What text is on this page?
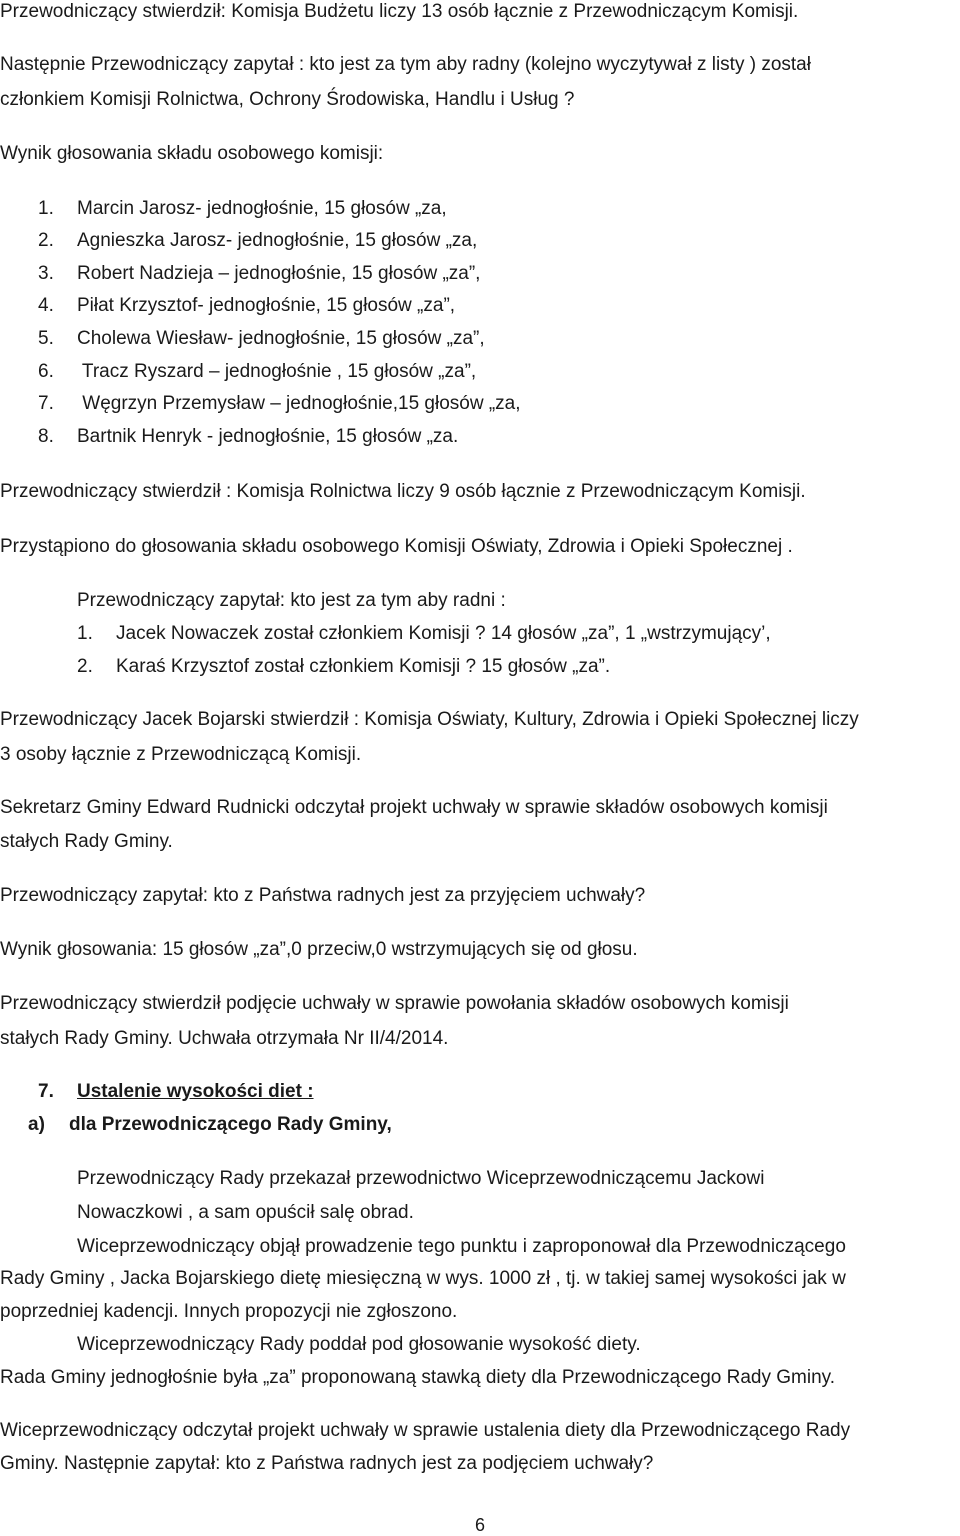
Przewodniczący stwierdził: Komisja Budżetu liczy 13 osób łącznie z Przewodniczącym Komisji.
Następnie Przewodniczący zapytał : kto jest za tym aby radny (kolejno wyczytywał z listy ) został
członkiem Komisji Rolnictwa, Ochrony Środowiska, Handlu i Usług ?
Wynik głosowania składu osobowego komisji:
1. Marcin Jarosz- jednogłośnie, 15 głosów „za,
2. Agnieszka Jarosz- jednogłośnie, 15 głosów „za,
3. Robert Nadzieja – jednogłośnie, 15 głosów „za”,
4. Piłat Krzysztof- jednogłośnie, 15 głosów „za”,
5. Cholewa Wiesław- jednogłośnie, 15 głosów „za”,
6. Tracz Ryszard – jednogłośnie , 15 głosów „za”,
7. Węgrzyn Przemysław – jednogłośnie,15 głosów „za,
8. Bartnik Henryk - jednogłośnie, 15 głosów „za.
Przewodniczący stwierdził : Komisja Rolnictwa liczy 9 osób łącznie z Przewodniczącym Komisji.
Przystąpiono do głosowania składu osobowego Komisji Oświaty, Zdrowia i Opieki Społecznej .
Przewodniczący zapytał: kto jest za tym aby radni :
1. Jacek Nowaczek został członkiem Komisji ? 14 głosów „za”, 1 „wstrzymujący’,
2. Karaś Krzysztof został członkiem Komisji ? 15 głosów „za”.
Przewodniczący Jacek Bojarski stwierdził : Komisja Oświaty, Kultury, Zdrowia i Opieki Społecznej liczy
3 osoby łącznie z Przewodniczącą Komisji.
Sekretarz Gminy Edward Rudnicki odczytał projekt uchwały w sprawie składów osobowych komisji
stałych Rady Gminy.
Przewodniczący zapytał: kto z Państwa radnych jest za przyjęciem uchwały?
Wynik głosowania: 15 głosów „za”,0 przeciw,0 wstrzymujących się od głosu.
Przewodniczący stwierdził podjęcie uchwały w sprawie powołania składów osobowych komisji
stałych Rady Gminy. Uchwała otrzymała Nr II/4/2014.
7. Ustalenie wysokości diet :
a) dla Przewodniczącego Rady Gminy,
Przewodniczący Rady przekazał przewodnictwo Wiceprzewodniczącemu Jackowi
Nowaczkowi , a sam opuścił salę obrad.
Wiceprzewodniczący objął prowadzenie tego punktu i zaproponował dla Przewodniczącego
Rady Gminy , Jacka Bojarskiego dietę miesięczną w wys. 1000 zł , tj. w takiej samej wysokości jak w
poprzedniej kadencji. Innych propozycji nie zgłoszono.
Wiceprzewodniczący Rady poddał pod głosowanie wysokość diety.
Rada Gminy jednogłośnie była „za” proponowaną stawką diety dla Przewodniczącego Rady Gminy.
Wiceprzewodniczący odczytał projekt uchwały w sprawie ustalenia diety dla Przewodniczącego Rady
Gminy. Następnie zapytał: kto z Państwa radnych jest za podjęciem uchwały?
6
